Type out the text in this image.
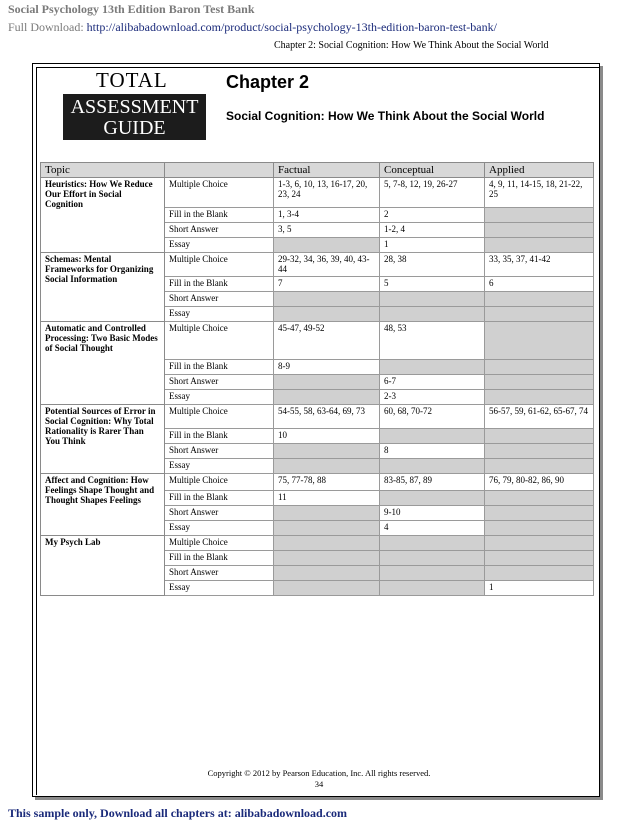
Social Psychology 13th Edition Baron Test Bank
Full Download: http://alibabadownload.com/product/social-psychology-13th-edition-baron-test-bank/
Chapter 2: Social Cognition: How We Think About the Social World
TOTAL
ASSESSMENT
GUIDE
Chapter 2
Social Cognition: How We Think About the Social World
Topic		Factual	Conceptual	Applied
Heuristics: How We Reduce Our Effort in Social Cognition	Multiple Choice	1-3, 6, 10, 13, 16-17, 20, 23, 24	5, 7-8, 12, 19, 26-27	4, 9, 11, 14-15, 18, 21-22, 25
	Fill in the Blank	1, 3-4	2	
	Short Answer	3, 5	1-2, 4	
	Essay		1	
Schemas: Mental Frameworks for Organizing Social Information	Multiple Choice	29-32, 34, 36, 39, 40, 43-44	28, 38	33, 35, 37, 41-42
	Fill in the Blank	7	5	6
	Short Answer			
	Essay			
Automatic and Controlled Processing: Two Basic Modes of Social Thought	Multiple Choice	45-47, 49-52	48, 53	
	Fill in the Blank	8-9		
	Short Answer		6-7	
	Essay		2-3	
Potential Sources of Error in Social Cognition: Why Total Rationality is Rarer Than You Think	Multiple Choice	54-55, 58, 63-64, 69, 73	60, 68, 70-72	56-57, 59, 61-62, 65-67, 74
	Fill in the Blank	10		
	Short Answer		8	
	Essay			
Affect and Cognition: How Feelings Shape Thought and Thought Shapes Feelings	Multiple Choice	75, 77-78, 88	83-85, 87, 89	76, 79, 80-82, 86, 90
	Fill in the Blank	11		
	Short Answer		9-10	
	Essay		4	
My Psych Lab	Multiple Choice			
	Fill in the Blank			
	Short Answer			
	Essay			1
Copyright © 2012 by Pearson Education, Inc. All rights reserved.
34
This sample only, Download all chapters at: alibabadownload.com
